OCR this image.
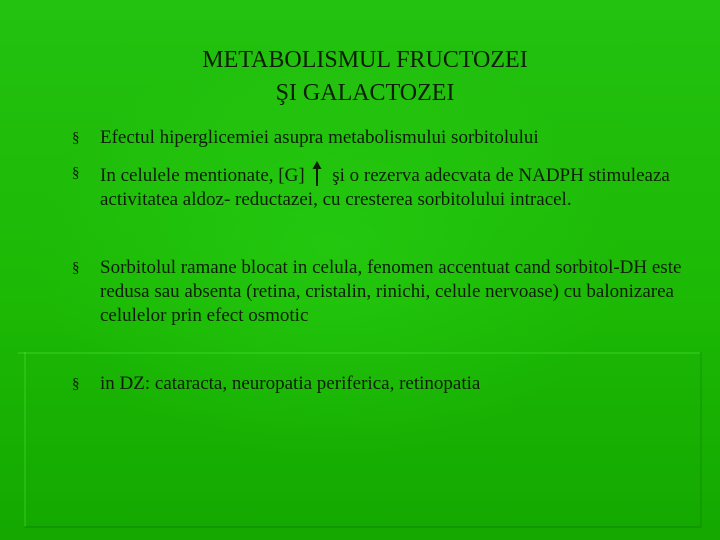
METABOLISMUL FRUCTOZEI
ŞI GALACTOZEI
§ Efectul hiperglicemiei asupra metabolismului sorbitolului
§ In celulele mentionate, [G] şi o rezerva adecvata de NADPH stimuleaza activitatea aldoz- reductazei, cu cresterea sorbitolului intracel.
§ Sorbitolul ramane blocat in celula, fenomen accentuat cand sorbitol-DH este redusa sau absenta (retina, cristalin, rinichi, celule nervoase) cu balonizarea celulelor prin efect osmotic
§ in DZ: cataracta, neuropatia periferica, retinopatia
